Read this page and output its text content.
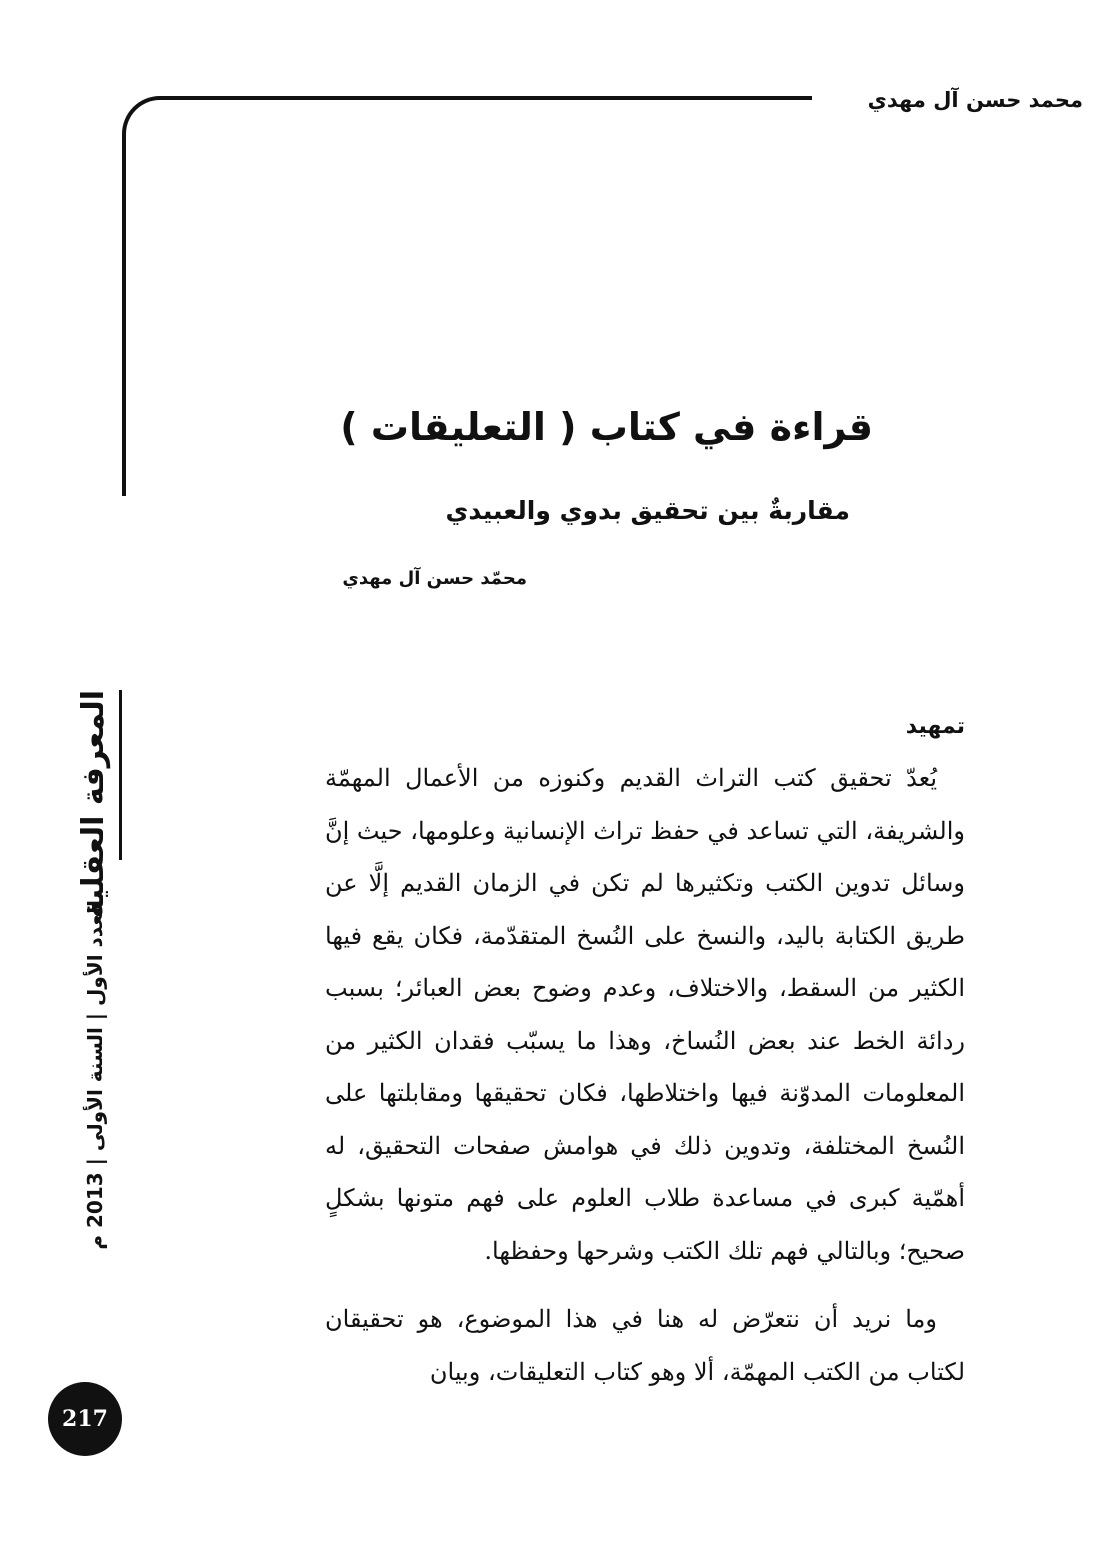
محمد حسن آل مهدي
قراءة في كتاب ( التعليقات )
مقاربةٌ بين تحقيق بدوي والعبيدي
محمّد حسن آل مهدي
تمهيد

يُعدّ تحقيق كتب التراث القديم وكنوزه من الأعمال المهمّة والشريفة، التي تساعد في حفظ تراث الإنسانية وعلومها، حيث إنَّ وسائل تدوين الكتب وتكثيرها لم تكن في الزمان القديم إلَّا عن طريق الكتابة باليد، والنسخ على النُسخ المتقدّمة، فكان يقع فيها الكثير من السقط، والاختلاف، وعدم وضوح بعض العبائر؛ بسبب ردائة الخط عند بعض النُساخ، وهذا ما يسبّب فقدان الكثير من المعلومات المدوّنة فيها واختلاطها، فكان تحقيقها ومقابلتها على النُسخ المختلفة، وتدوين ذلك في هوامش صفحات التحقيق، له أهمّية كبرى في مساعدة طلاب العلوم على فهم متونها بشكلٍ صحيح؛ وبالتالي فهم تلك الكتب وشرحها وحفظها.

وما نريد أن نتعرّض له هنا في هذا الموضوع، هو تحقيقان لكتاب من الكتب المهمّة، ألا وهو كتاب التعليقات، وبيان

المعرفة العقلية
العدد الأول | السنة الأولى | 2013 م
217
